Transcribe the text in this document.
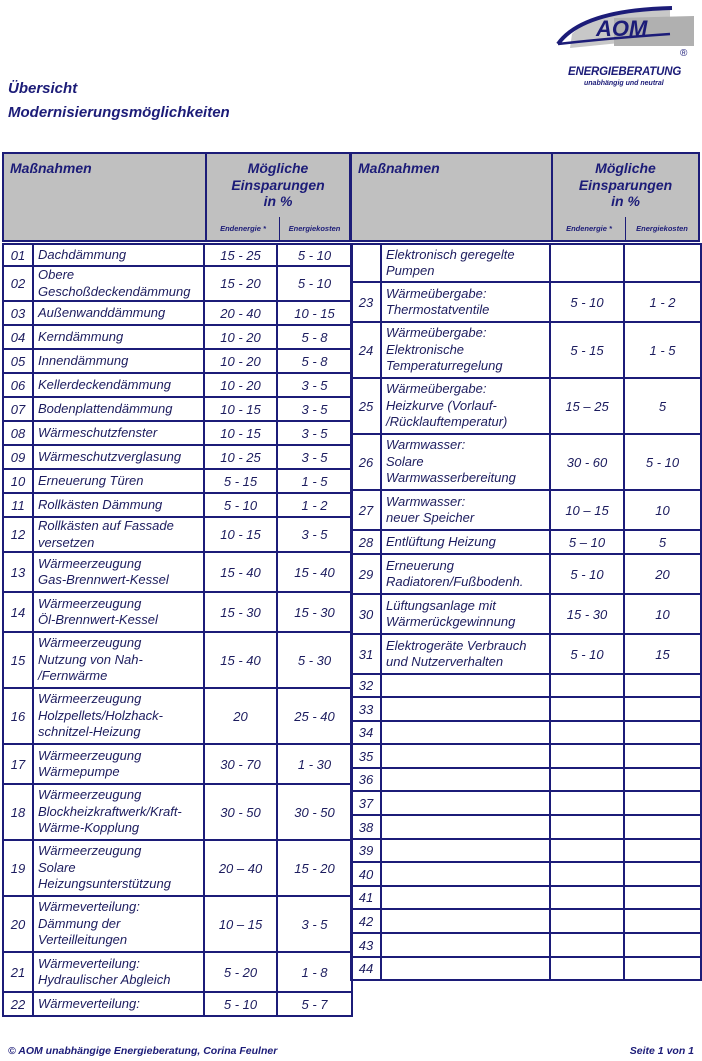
AOM
®
ENERGIEBERATUNG
unabhängig und neutral
Übersicht
Modernisierungsmöglichkeiten
Maßnahmen	Mögliche
Einsparungen
in %
Endenergie *	Energiekosten
Maßnahmen	Mögliche
Einsparungen
in %
Endenergie *	Energiekosten
01	Dachdämmung	15 - 25	5 - 10
02	Obere
Geschoßdeckendämmung	15 - 20	5 - 10
03	Außenwanddämmung	20 - 40	10 - 15
04	Kerndämmung	10 - 20	5 - 8
05	Innendämmung	10 - 20	5 - 8
06	Kellerdeckendämmung	10 - 20	3 - 5
07	Bodenplattendämmung	10 - 15	3 - 5
08	Wärmeschutzfenster	10 - 15	3 - 5
09	Wärmeschutzverglasung	10 - 25	3 - 5
10	Erneuerung Türen	5 - 15	1 - 5
11	Rollkästen Dämmung	5 - 10	1 - 2
12	Rollkästen auf Fassade
versetzen	10 - 15	3 - 5
13	Wärmeerzeugung
Gas-Brennwert-Kessel	15 - 40	15 - 40
14	Wärmeerzeugung
Öl-Brennwert-Kessel	15 - 30	15 - 30
15	Wärmeerzeugung
Nutzung von Nah-
/Fernwärme	15 - 40	5 - 30
16	Wärmeerzeugung
Holzpellets/Holzhack-
schnitzel-Heizung	20	25 - 40
17	Wärmeerzeugung
Wärmepumpe	30 - 70	1 - 30
18	Wärmeerzeugung
Blockheizkraftwerk/Kraft-
Wärme-Kopplung	30 - 50	30 - 50
19	Wärmeerzeugung
Solare
Heizungsunterstützung	20 – 40	15 - 20
20	Wärmeverteilung:
Dämmung der
Verteilleitungen	10 – 15	3 - 5
21	Wärmeverteilung:
Hydraulischer Abgleich	5 - 20	1 - 8
22	Wärmeverteilung:	5 - 10	5 - 7

	Elektronisch geregelte
Pumpen		

23	Wärmeübergabe:
Thermostatventile	5 - 10	1 - 2
24	Wärmeübergabe:
Elektronische
Temperaturregelung	5 - 15	1 - 5
25	Wärmeübergabe:
Heizkurve (Vorlauf-
/Rücklauftemperatur)	15 – 25	5
26	Warmwasser:
Solare
Warmwasserbereitung	30 - 60	5 - 10
27	Warmwasser:
neuer Speicher	10 – 15	10
28	Entlüftung Heizung	5 – 10	5
29	Erneuerung
Radiatoren/Fußbodenh.	5 - 10	20
30	Lüftungsanlage mit
Wärmerückgewinnung	15 - 30	10
31	Elektrogeräte Verbrauch
und Nutzerverhalten	5 - 10	15
32			
33			
34			
35			
36			
37			
38			
39			
40			
41			
42			
43			
44			
© AOM unabhängige Energieberatung, Corina Feulner	Seite 1 von 1
